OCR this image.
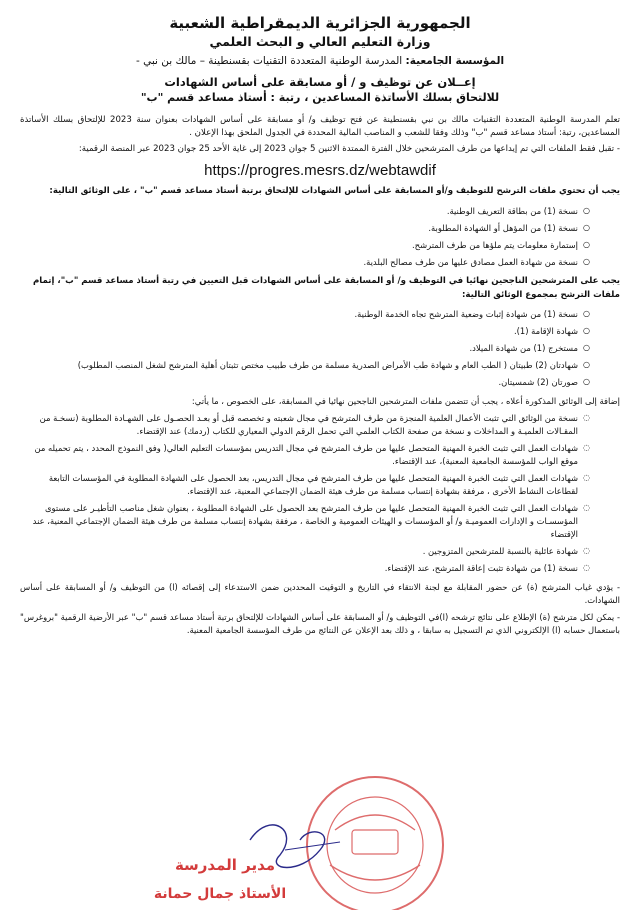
الجمهورية الجزائرية الديمقراطية الشعبية
وزارة التعليم العالي و البحث العلمي
المؤسسة الجامعية: المدرسة الوطنية المتعددة التقنيات بقسنطينة – مالك بن نبي -
إعــلان عن توظيف و / أو مسابقة على أساس الشهادات
للالتحاق بسلك الأساتذة المساعدين ، رتبة : أستاذ مساعد قسم "ب"

تعلم المدرسة الوطنية المتعددة التقنيات مالك بن نبي بقسنطينة عن فتح توظيف و/ أو مسابقة على أساس الشهادات بعنوان سنة 2023 للإلتحاق بسلك الأساتذة المساعدين، رتبة: أستاذ مساعد قسم "ب" وذلك وفقا للشعب و المناصب المالية المحددة في الجدول الملحق بهذا الإعلان .

- تقبل فقط الملفات التي تم إيداعها من طرف المترشحين خلال الفترة الممتدة الاثنين 5 جوان 2023 إلى غاية الأحد 25 جوان 2023 عبر المنصة الرقمية:

https://progres.mesrs.dz/webtawdif
يجب أن تحتوي ملفات الترشح للتوظيف و/أو المسابقة على أساس الشهادات للإلتحاق برتبة أستاذ مساعد قسم "ب" ، على الوثائق التالية:
○ نسخة (1) من بطاقة التعريف الوطنية.
○ نسخة (1) من المؤهل أو الشهادة المطلوبة.
○ إستمارة معلومات يتم ملؤها من طرف المترشح.
○ نسخة من شهادة العمل مصادق عليها من طرف مصالح البلدية.
يجب على المترشحين الناجحين نهائيا في التوظيف و/ أو المسابقة على أساس الشهادات قبل التعيين في رتبة أستاذ مساعد قسم "ب"، إتمام ملفات الترشح بمجموع الوثائق التالية:
○ نسخة (1) من شهادة إثبات وضعية المترشح تجاه الخدمة الوطنية.
○ شهادة الإقامة (1).
○ مستخرج (1) من شهادة الميلاد.
○ شهادتان (2) طبيتان ( الطب العام و شهادة طب الأمراض الصدرية مسلمة من طرف طبيب مختص تثبتان أهلية المترشح لشغل المنصب المطلوب)
○ صورتان (2) شمسيتان.
إضافة إلى الوثائق المذكورة أعلاه ، يجب أن تتضمن ملفات المترشحين الناجحين نهائيا في المسابقة، على الخصوص ، ما يأتي:
◌ نسخة من الوثائق التي تثبت الأعمال العلمية المنجزة من طرف المترشح في مجال شعبته و تخصصه قبل أو بعـد الحصـول على الشهـادة المطلوبة (نسخـة من المقـالات العلميـة و المداخلات و نسخة من صفحة الكتاب العلمي التي تحمل الرقم الدولي المعياري للكتاب (ردمك) عند الإقتضاء.
◌ شهادات العمل التي تثبت الخبرة المهنية المتحصل عليها من طرف المترشح في مجال التدريس بمؤسسات التعليم العالي( وفق النموذج المحدد ، يتم تحميله من موقع الواب للمؤسسة الجامعية المعنية)، عند الإقتضاء.
◌ شهادات العمل التي تثبت الخبرة المهنية المتحصل عليها من طرف المترشح في مجال التدريس، بعد الحصول على الشهادة المطلوبة في المؤسسات التابعة لقطاعات النشاط الأخرى ، مرفقة بشهادة إنتساب مسلمة من طرف هيئة الضمان الإجتماعي المعنية، عند الإقتضاء.
◌ شهادات العمل التي تثبت الخبرة المهنية المتحصل عليها من طرف المترشح بعد الحصول على الشهادة المطلوبة ، بعنوان شغل مناصب التأطيـر على مستوى المؤسسـات و الإدارات العموميـة و/ أو المؤسسات و الهيئات العمومية و الخاصة ، مرفقة بشهادة إنتساب مسلمة من طرف هيئة الضمان الإجتماعي المعنية، عند الإقتضاء
◌ شهادة عائلية بالنسبة للمترشحين المتزوجين .
◌ نسخة (1) من شهادة تثبت إعاقة المترشح، عند الإقتضاء.
- يؤدي غياب المترشح (ة) عن حضور المقابلة مع لجنة الانتقاء في التاريخ و التوقيت المحددين ضمن الاستدعاء إلى إقصائه (ا) من التوظيف و/ أو المسابقة على أساس الشهادات.
- يمكن لكل مترشح (ة) الإطلاع على نتائج ترشحه (ا)في التوظيف و/ أو المسابقة على أساس الشهادات للإلتحاق برتبة أستاذ مساعد قسم "ب" عبر الأرضية الرقمية "بروغرس" باستعمال حسابه (ا) الإلكتروني الذي تم التسجيل به سابقا ، و ذلك بعد الإعلان عن النتائج من طرف المؤسسة الجامعية المعنية.
مدير المدرسة
الأستاذ جمال حمانة
